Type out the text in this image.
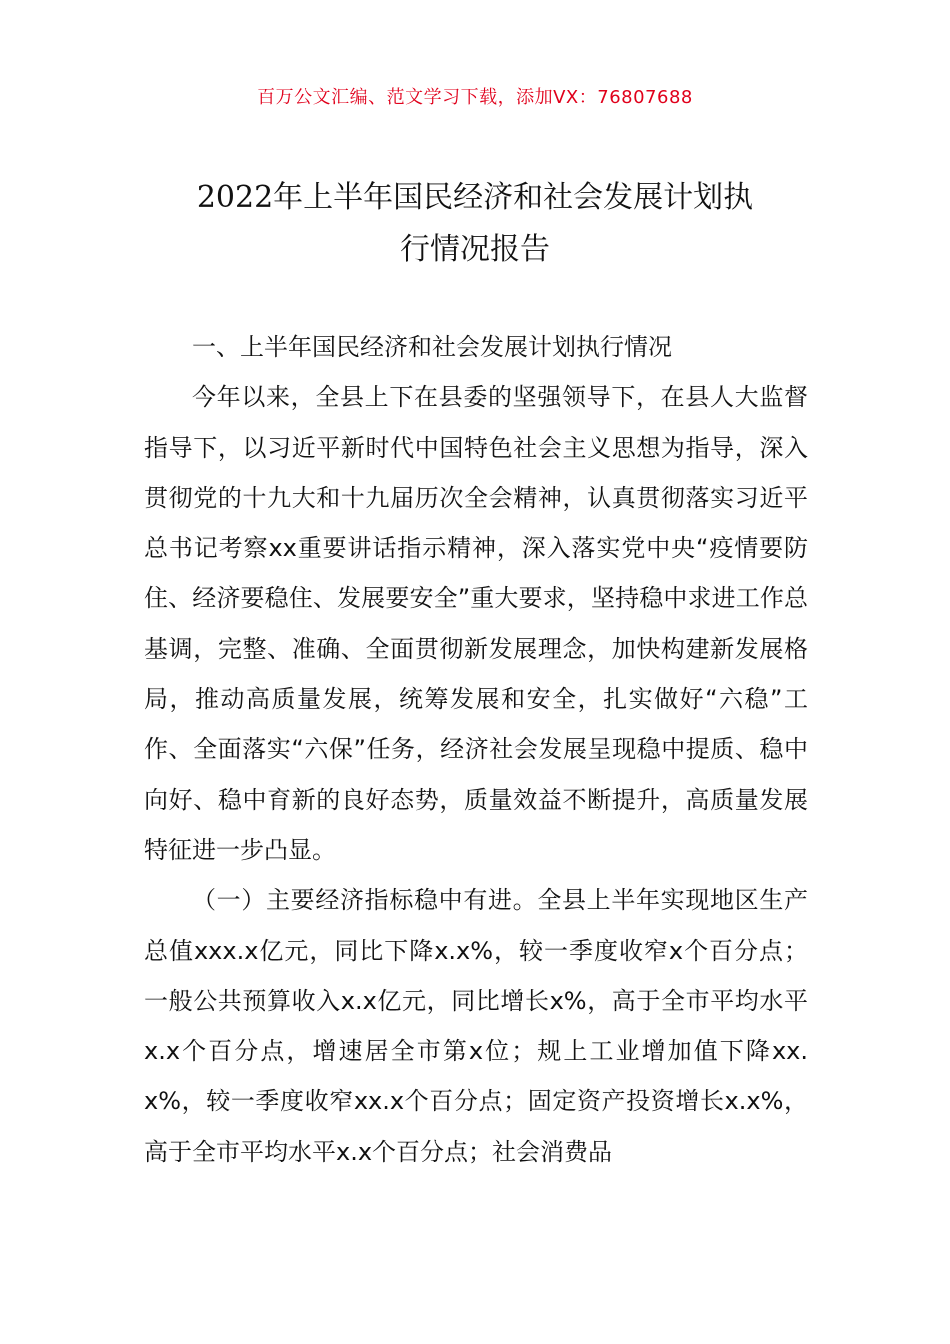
百万公文汇编、范文学习下载，添加VX：76807688
2022年上半年国民经济和社会发展计划执
行情况报告

一、上半年国民经济和社会发展计划执行情况

今年以来，全县上下在县委的坚强领导下，在县人大监督指导下，以习近平新时代中国特色社会主义思想为指导，深入贯彻党的十九大和十九届历次全会精神，认真贯彻落实习近平总书记考察xx重要讲话指示精神，深入落实党中央“疫情要防住、经济要稳住、发展要安全”重大要求，坚持稳中求进工作总基调，完整、准确、全面贯彻新发展理念，加快构建新发展格局，推动高质量发展，统筹发展和安全，扎实做好“六稳”工作、全面落实“六保”任务，经济社会发展呈现稳中提质、稳中向好、稳中育新的良好态势，质量效益不断提升，高质量发展特征进一步凸显。

（一）主要经济指标稳中有进。全县上半年实现地区生产总值xxx.x亿元，同比下降x.x%，较一季度收窄x个百分点；一般公共预算收入x.x亿元，同比增长x%，高于全市平均水平x.x个百分点，增速居全市第x位；规上工业增加值下降xx.x%，较一季度收窄xx.x个百分点；固定资产投资增长x.x%，高于全市平均水平x.x个百分点；社会消费品
